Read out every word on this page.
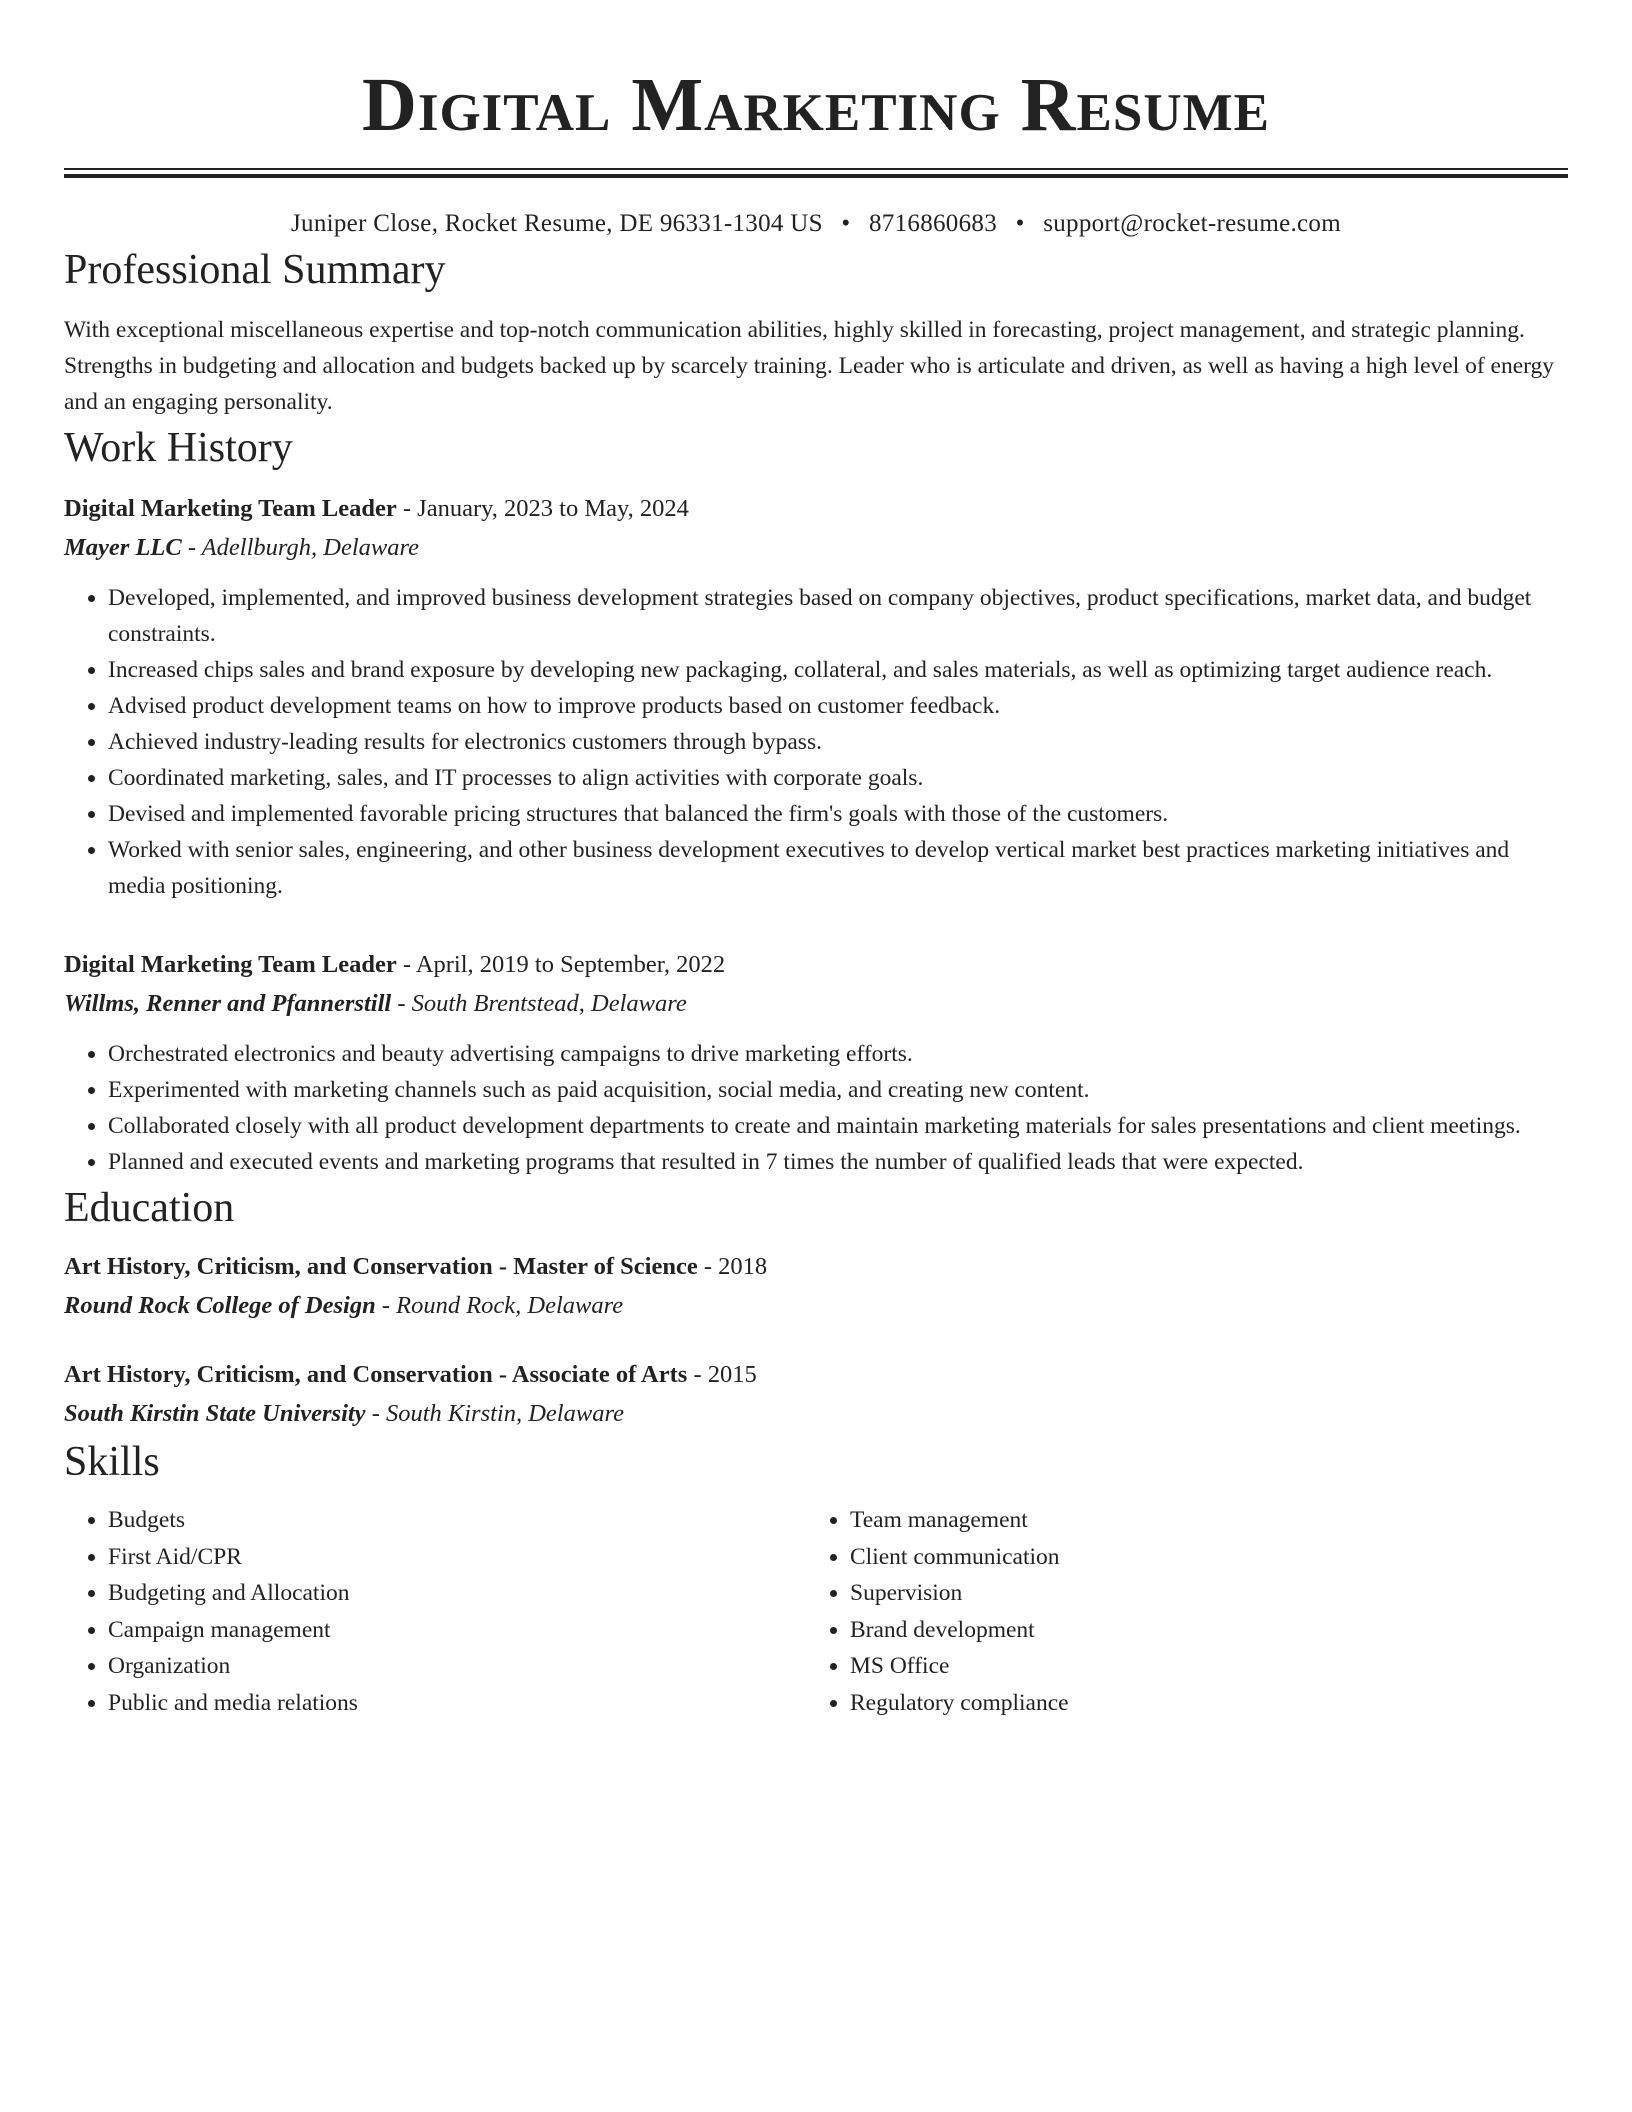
Digital Marketing Resume
Juniper Close, Rocket Resume, DE 96331-1304 US • 8716860683 • support@rocket-resume.com
Professional Summary

With exceptional miscellaneous expertise and top-notch communication abilities, highly skilled in forecasting, project management, and strategic planning. Strengths in budgeting and allocation and budgets backed up by scarcely training. Leader who is articulate and driven, as well as having a high level of energy and an engaging personality.

Work History
Digital Marketing Team Leader - January, 2023 to May, 2024
Mayer LLC - Adellburgh, Delaware
• Developed, implemented, and improved business development strategies based on company objectives, product specifications, market data, and budget constraints.
• Increased chips sales and brand exposure by developing new packaging, collateral, and sales materials, as well as optimizing target audience reach.
• Advised product development teams on how to improve products based on customer feedback.
• Achieved industry-leading results for electronics customers through bypass.
• Coordinated marketing, sales, and IT processes to align activities with corporate goals.
• Devised and implemented favorable pricing structures that balanced the firm's goals with those of the customers.
• Worked with senior sales, engineering, and other business development executives to develop vertical market best practices marketing initiatives and media positioning.
Digital Marketing Team Leader - April, 2019 to September, 2022
Willms, Renner and Pfannerstill - South Brentstead, Delaware
• Orchestrated electronics and beauty advertising campaigns to drive marketing efforts.
• Experimented with marketing channels such as paid acquisition, social media, and creating new content.
• Collaborated closely with all product development departments to create and maintain marketing materials for sales presentations and client meetings.
• Planned and executed events and marketing programs that resulted in 7 times the number of qualified leads that were expected.
Education
Art History, Criticism, and Conservation - Master of Science - 2018
Round Rock College of Design - Round Rock, Delaware
Art History, Criticism, and Conservation - Associate of Arts - 2015
South Kirstin State University - South Kirstin, Delaware
Skills
• Budgets
• First Aid/CPR
• Budgeting and Allocation
• Campaign management
• Organization
• Public and media relations
• Team management
• Client communication
• Supervision
• Brand development
• MS Office
• Regulatory compliance
